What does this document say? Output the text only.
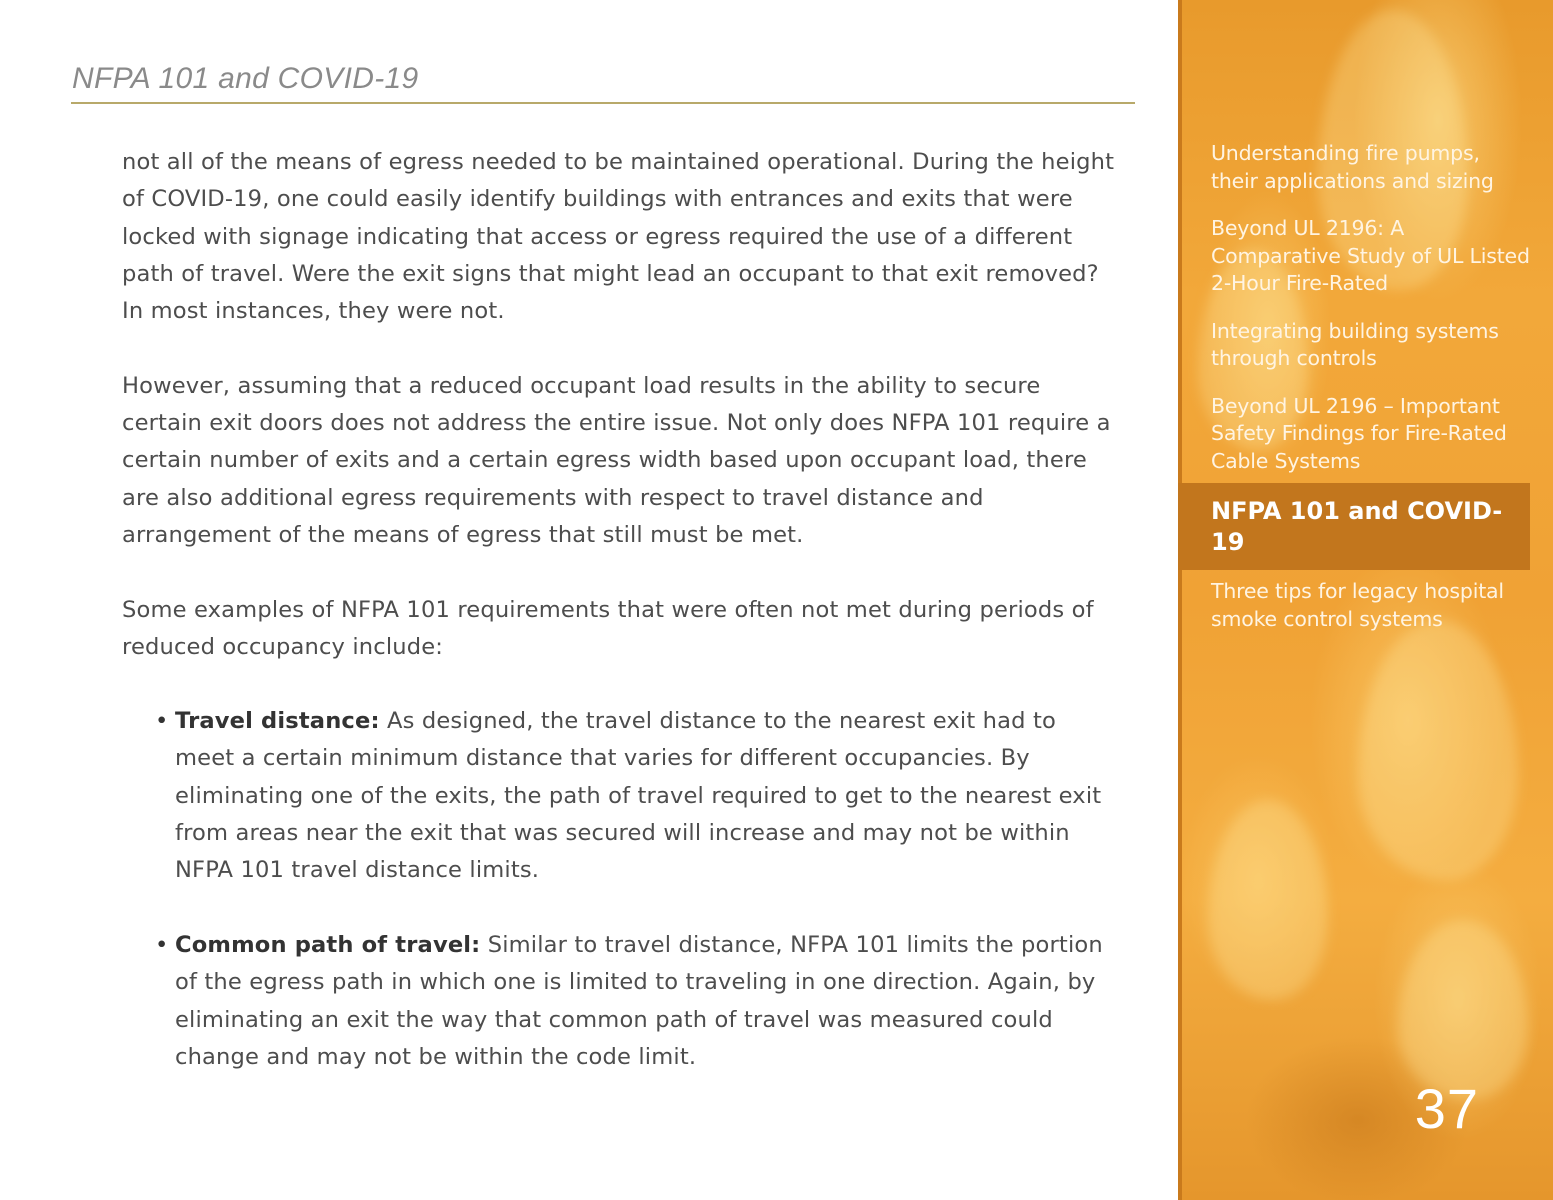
NFPA 101 and COVID-19

not all of the means of egress needed to be maintained operational. During the height of COVID-19, one could easily identify buildings with entrances and exits that were locked with signage indicating that access or egress required the use of a different path of travel. Were the exit signs that might lead an occupant to that exit removed? In most instances, they were not.

However, assuming that a reduced occupant load results in the ability to secure certain exit doors does not address the entire issue. Not only does NFPA 101 require a certain number of exits and a certain egress width based upon occupant load, there are also additional egress requirements with respect to travel distance and arrangement of the means of egress that still must be met.

Some examples of NFPA 101 requirements that were often not met during periods of reduced occupancy include:

• Travel distance: As designed, the travel distance to the nearest exit had to meet a certain minimum distance that varies for different occupancies. By eliminating one of the exits, the path of travel required to get to the nearest exit from areas near the exit that was secured will increase and may not be within NFPA 101 travel distance limits.
• Common path of travel: Similar to travel distance, NFPA 101 limits the portion of the egress path in which one is limited to traveling in one direction. Again, by eliminating an exit the way that common path of travel was measured could change and may not be within the code limit.
Understanding fire pumps, their applications and sizing
Beyond UL 2196: A Comparative Study of UL Listed 2-Hour Fire-Rated
Integrating building systems through controls
Beyond UL 2196 – Important Safety Findings for Fire-Rated Cable Systems
NFPA 101 and COVID-19
Three tips for legacy hospital smoke control systems
37
